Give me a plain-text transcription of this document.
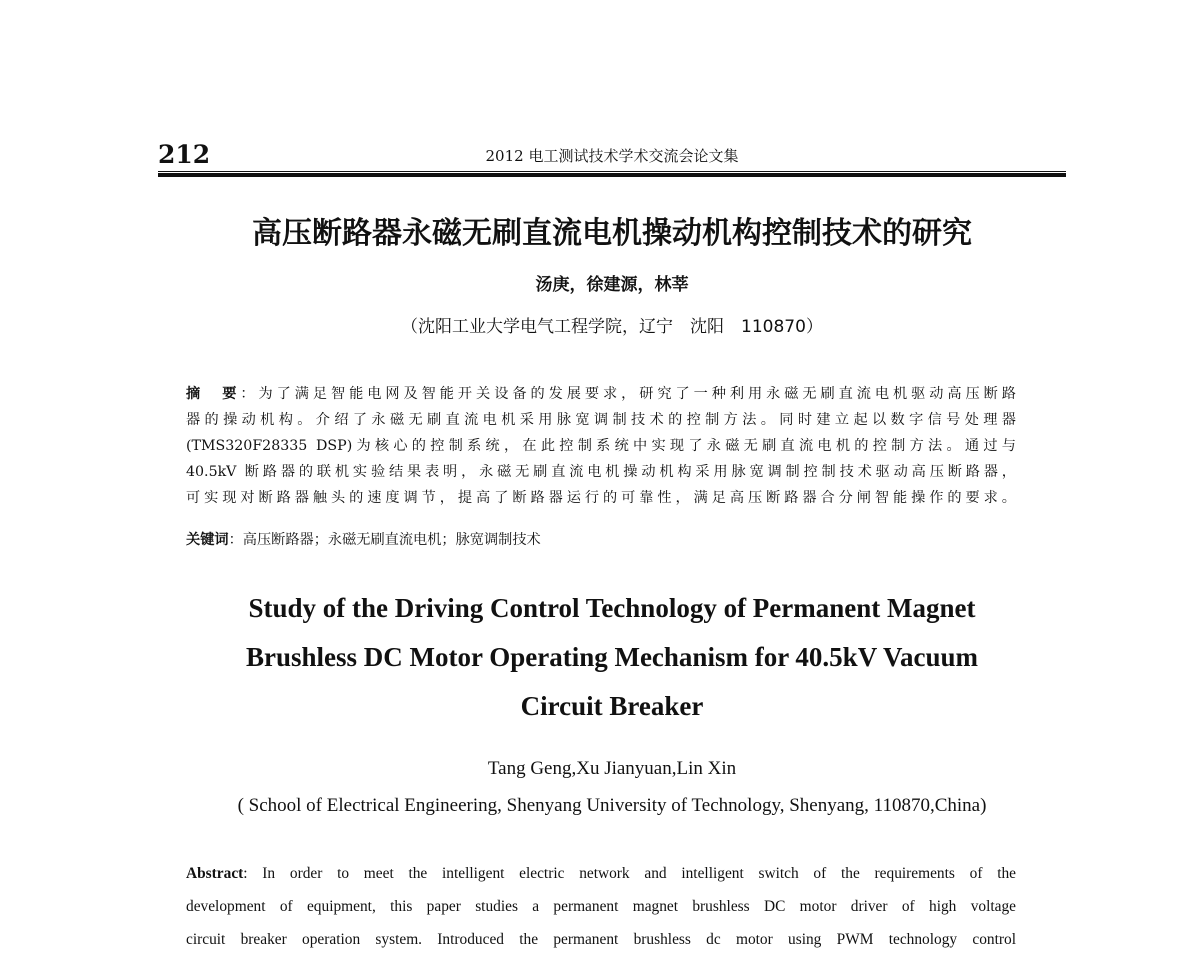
212	2012 电工测试技术学术交流会论文集
高压断路器永磁无刷直流电机操动机构控制技术的研究
汤庚，徐建源，林莘
（沈阳工业大学电气工程学院，辽宁　沈阳　110870）
摘　要：为了满足智能电网及智能开关设备的发展要求，研究了一种利用永磁无刷直流电机驱动高压断路
器的操动机构。介绍了永磁无刷直流电机采用脉宽调制技术的控制方法。同时建立起以数字信号处理器
(TMS320F28335 DSP)为核心的控制系统，在此控制系统中实现了永磁无刷直流电机的控制方法。通过与
40.5kV 断路器的联机实验结果表明，永磁无刷直流电机操动机构采用脉宽调制控制技术驱动高压断路器，
可实现对断路器触头的速度调节，提高了断路器运行的可靠性，满足高压断路器合分闸智能操作的要求。
关键词：高压断路器；永磁无刷直流电机；脉宽调制技术
Study of the Driving Control Technology of Permanent Magnet
Brushless DC Motor Operating Mechanism for 40.5kV Vacuum
Circuit Breaker
Tang Geng,Xu Jianyuan,Lin Xin
( School of Electrical Engineering, Shenyang University of Technology, Shenyang, 110870,China)
Abstract: In order to meet the intelligent electric network and intelligent switch of the requirements of the
development of equipment, this paper studies a permanent magnet brushless DC motor driver of high voltage
circuit breaker operation system. Introduced the permanent brushless dc motor using PWM technology control
